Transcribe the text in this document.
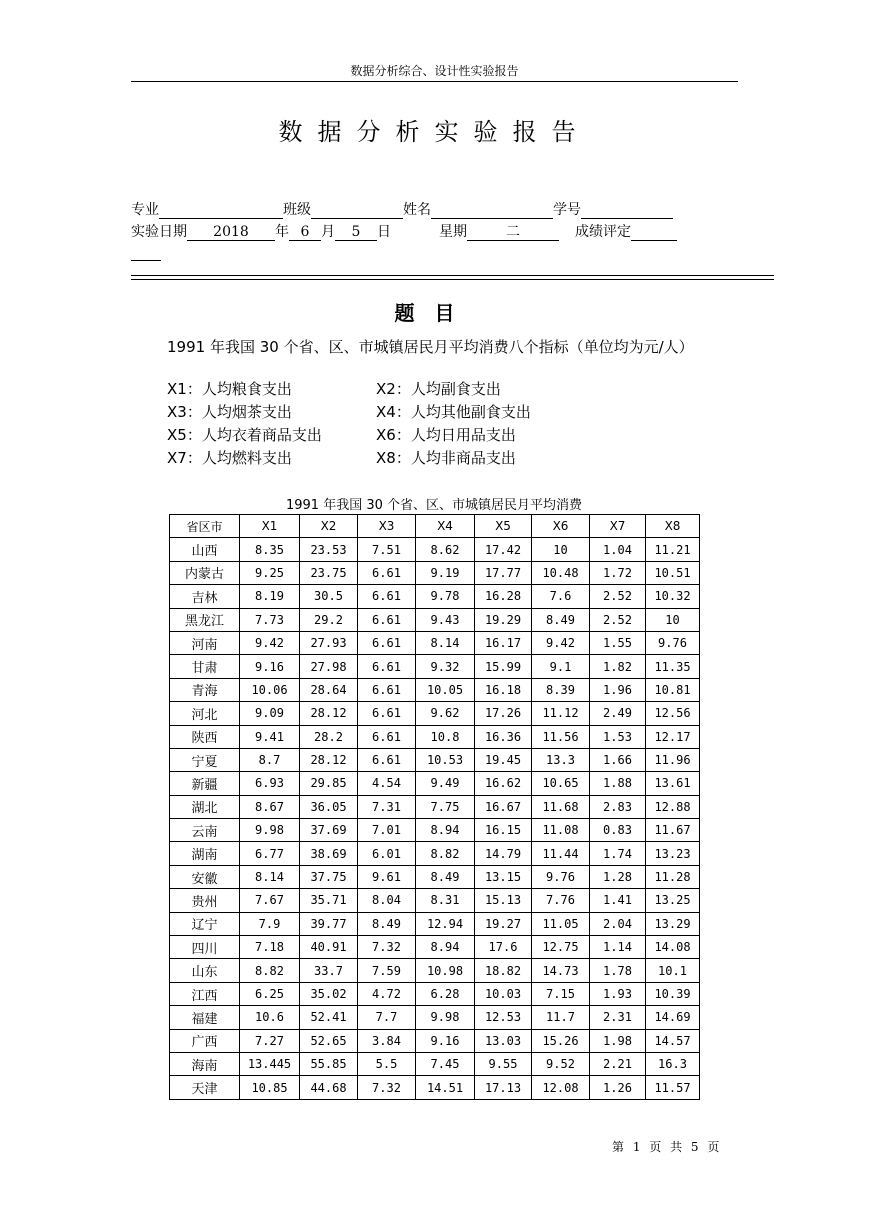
数据分析综合、设计性实验报告
数据分析实验报告
专业	班级	姓名	学号
实验日期 2018 年 6 月 5 日	星期	二	成绩评定
题目
1991 年我国 30 个省、区、市城镇居民月平均消费八个指标（单位均为元/人）
X1：人均粮食支出	X2：人均副食支出
X3：人均烟茶支出	X4：人均其他副食支出
X5：人均衣着商品支出	X6：人均日用品支出
X7：人均燃料支出	X8：人均非商品支出
1991 年我国 30 个省、区、市城镇居民月平均消费
省区市	X1	X2	X3	X4	X5	X6	X7	X8
山西	8.35	23.53	7.51	8.62	17.42	10	1.04	11.21
内蒙古	9.25	23.75	6.61	9.19	17.77	10.48	1.72	10.51
吉林	8.19	30.5	6.61	9.78	16.28	7.6	2.52	10.32
黑龙江	7.73	29.2	6.61	9.43	19.29	8.49	2.52	10
河南	9.42	27.93	6.61	8.14	16.17	9.42	1.55	9.76
甘肃	9.16	27.98	6.61	9.32	15.99	9.1	1.82	11.35
青海	10.06	28.64	6.61	10.05	16.18	8.39	1.96	10.81
河北	9.09	28.12	6.61	9.62	17.26	11.12	2.49	12.56
陕西	9.41	28.2	6.61	10.8	16.36	11.56	1.53	12.17
宁夏	8.7	28.12	6.61	10.53	19.45	13.3	1.66	11.96
新疆	6.93	29.85	4.54	9.49	16.62	10.65	1.88	13.61
湖北	8.67	36.05	7.31	7.75	16.67	11.68	2.83	12.88
云南	9.98	37.69	7.01	8.94	16.15	11.08	0.83	11.67
湖南	6.77	38.69	6.01	8.82	14.79	11.44	1.74	13.23
安徽	8.14	37.75	9.61	8.49	13.15	9.76	1.28	11.28
贵州	7.67	35.71	8.04	8.31	15.13	7.76	1.41	13.25
辽宁	7.9	39.77	8.49	12.94	19.27	11.05	2.04	13.29
四川	7.18	40.91	7.32	8.94	17.6	12.75	1.14	14.08
山东	8.82	33.7	7.59	10.98	18.82	14.73	1.78	10.1
江西	6.25	35.02	4.72	6.28	10.03	7.15	1.93	10.39
福建	10.6	52.41	7.7	9.98	12.53	11.7	2.31	14.69
广西	7.27	52.65	3.84	9.16	13.03	15.26	1.98	14.57
海南	13.445	55.85	5.5	7.45	9.55	9.52	2.21	16.3
天津	10.85	44.68	7.32	14.51	17.13	12.08	1.26	11.57
第 1 页 共 5 页
